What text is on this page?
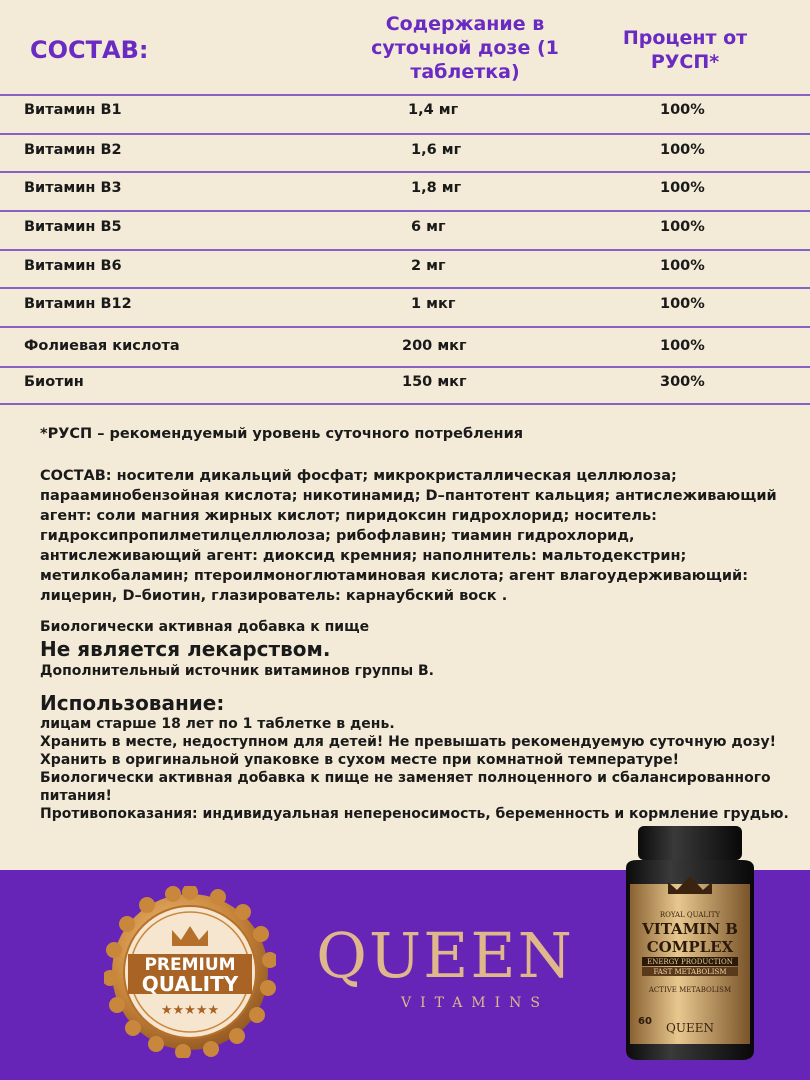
СОСТАВ:
Содержание в суточной дозе (1 таблетка)
Процент от РУСП*
Витамин В1	1,4 мг	100%
Витамин В2	1,6 мг	100%
Витамин В3	1,8 мг	100%
Витамин В5	6 мг	100%
Витамин В6	2 мг	100%
Витамин В12	1 мкг	100%
Фолиевая кислота	200 мкг	100%
Биотин	150 мкг	300%

*РУСП – рекомендуемый уровень суточного потребления

СОСТАВ: носители дикальций фосфат; микрокристаллическая целлюлоза; парааминобензойная кислота; никотинамид; D–пантотент кальция; антислеживающий агент: соли магния жирных кислот; пиридоксин гидрохлорид; носитель: гидроксипропилметилцеллюлоза; рибофлавин; тиамин гидрохлорид, антислеживающий агент: диоксид кремния; наполнитель: мальтодекстрин; метилкобаламин; птероилмоноглютаминовая кислота; агент влагоудерживающий: лицерин, D–биотин, глазирователь: карнаубский воск .

Биологически активная добавка к пище

Не является лекарством.

Дополнительный источник витаминов группы В.

Использование:

лицам старше 18 лет по 1 таблетке в день.

Хранить в месте, недоступном для детей! Не превышать рекомендуемую суточную дозу!

Хранить в оригинальной упаковке в сухом месте при комнатной температуре!

Биологически активная добавка к пище не заменяет полноценного и сбалансированного питания!

Противопоказания: индивидуальная непереносимость, беременность и кормление грудью.

PREMIUM
QUALITY
★★★★★
QUEEN
VITAMINS
ROYAL QUALITY
VITAMIN B
COMPLEX
ENERGY PRODUCTION
FAST METABOLISM
ACTIVE METABOLISM
QUEEN
60
